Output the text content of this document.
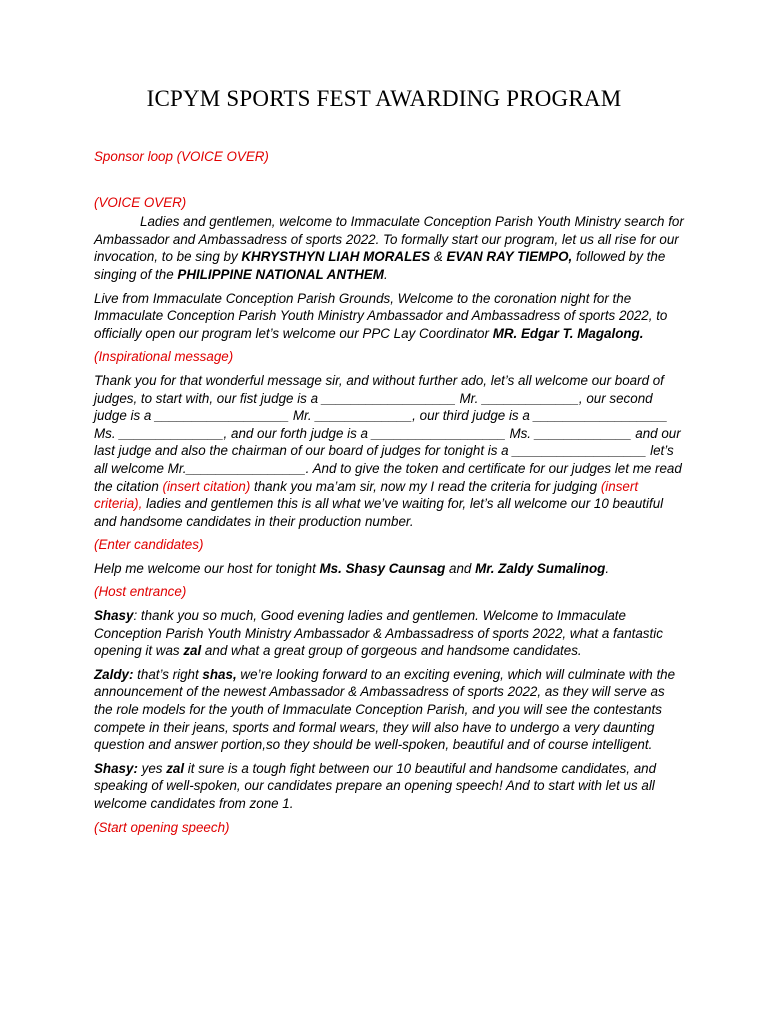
ICPYM SPORTS FEST AWARDING PROGRAM

Sponsor loop (VOICE OVER)

(VOICE OVER)

Ladies and gentlemen, welcome to Immaculate Conception Parish Youth Ministry search for Ambassador and Ambassadress of sports 2022. To formally start our program, let us all rise for our invocation, to be sing by KHRYSTHYN LIAH MORALES & EVAN RAY TIEMPO, followed by the singing of the PHILIPPINE NATIONAL ANTHEM.

Live from Immaculate Conception Parish Grounds, Welcome to the coronation night for the Immaculate Conception Parish Youth Ministry Ambassador and Ambassadress of sports 2022, to officially open our program let’s welcome our PPC Lay Coordinator MR. Edgar T. Magalong.

(Inspirational message)

Thank you for that wonderful message sir, and without further ado, let’s all welcome our board of judges, to start with, our fist judge is a __________________ Mr. _____________, our second judge is a __________________ Mr. _____________, our third judge is a __________________ Ms. ______________, and our forth judge is a __________________ Ms. _____________ and our last judge and also the chairman of our board of judges for tonight is a __________________ let’s all welcome Mr.________________. And to give the token and certificate for our judges let me read the citation (insert citation) thank you ma’am sir, now my I read the criteria for judging (insert criteria), ladies and gentlemen this is all what we’ve waiting for, let’s all welcome our 10 beautiful and handsome candidates in their production number.

(Enter candidates)

Help me welcome our host for tonight Ms. Shasy Caunsag and Mr. Zaldy Sumalinog.

(Host entrance)

Shasy: thank you so much, Good evening ladies and gentlemen. Welcome to Immaculate Conception Parish Youth Ministry Ambassador & Ambassadress of sports 2022, what a fantastic opening it was zal and what a great group of gorgeous and handsome candidates.

Zaldy: that’s right shas, we’re looking forward to an exciting evening, which will culminate with the announcement of the newest Ambassador & Ambassadress of sports 2022, as they will serve as the role models for the youth of Immaculate Conception Parish, and you will see the contestants compete in their jeans, sports and formal wears, they will also have to undergo a very daunting question and answer portion,so they should be well-spoken, beautiful and of course intelligent.

Shasy: yes zal it sure is a tough fight between our 10 beautiful and handsome candidates, and speaking of well-spoken, our candidates prepare an opening speech! And to start with let us all welcome candidates from zone 1.

(Start opening speech)
